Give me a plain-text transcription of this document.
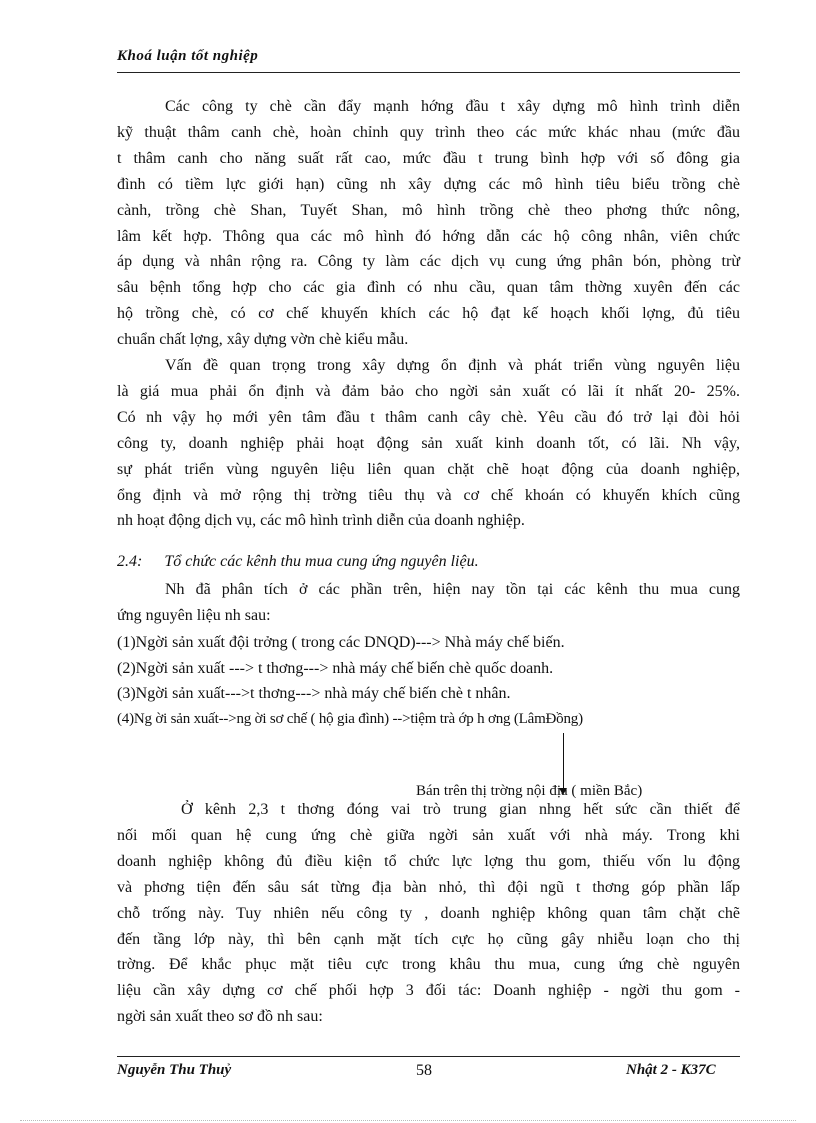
Khoá luận tốt nghiệp
Các công ty chè cần đẩy mạnh hớng đầu t xây dựng mô hình trình diễn
kỹ thuật thâm canh chè, hoàn chỉnh quy trình theo các mức khác nhau (mức đầu
t thâm canh cho năng suất rất cao, mức đầu t trung bình hợp với số đông gia
đình có tiềm lực giới hạn) cũng nh xây dựng các mô hình tiêu biểu trồng chè
cành, trồng chè Shan, Tuyết Shan, mô hình trồng chè theo phơng thức nông,
lâm kết hợp. Thông qua các mô hình đó hớng dẫn các hộ công nhân, viên chức
áp dụng và nhân rộng ra. Công ty làm các dịch vụ cung ứng phân bón, phòng trừ
sâu bệnh tổng hợp cho các gia đình có nhu cầu, quan tâm thờng xuyên đến các
hộ trồng chè, có cơ chế khuyến khích các hộ đạt kế hoạch khối lợng, đủ tiêu
chuẩn chất lợng, xây dựng vờn chè kiểu mẫu.
Vấn đề quan trọng trong xây dựng ổn định và phát triển vùng nguyên liệu
là giá mua phải ổn định và đảm bảo cho ngời sản xuất có lãi ít nhất 20- 25%.
Có nh vậy họ mới yên tâm đầu t thâm canh cây chè. Yêu cầu đó trở lại đòi hỏi
công ty, doanh nghiệp phải hoạt động sản xuất kinh doanh tốt, có lãi. Nh vậy,
sự phát triển vùng nguyên liệu liên quan chặt chẽ hoạt động của doanh nghiệp,
ổng định và mở rộng thị trờng tiêu thụ và cơ chế khoán có khuyến khích cũng
nh hoạt động dịch vụ, các mô hình trình diễn của doanh nghiệp.
2.4: Tổ chức các kênh thu mua cung ứng nguyên liệu.
Nh đã phân tích ở các phần trên, hiện nay tồn tại các kênh thu mua cung
ứng nguyên liệu nh sau:
(1)Ngời sản xuất đội trởng ( trong các DNQD)---> Nhà máy chế biến.
(2)Ngời sản xuất ---> t thơng---> nhà máy chế biến chè quốc doanh.
(3)Ngời sản xuất--->t thơng---> nhà máy chế biến chè t nhân.
(4)Ng ời sản xuất-->ng ời sơ chế ( hộ gia đình) -->tiệm trà ớp h ơng (LâmĐồng)
Bán trên thị trờng nội địa ( miền Bắc)
Ở kênh 2,3 t thơng đóng vai trò trung gian nhng hết sức cần thiết để
nối mối quan hệ cung ứng chè giữa ngời sản xuất với nhà máy. Trong khi
doanh nghiệp không đủ điều kiện tổ chức lực lợng thu gom, thiếu vốn lu động
và phơng tiện đến sâu sát từng địa bàn nhỏ, thì đội ngũ t thơng góp phần lấp
chỗ trống này. Tuy nhiên nếu công ty , doanh nghiệp không quan tâm chặt chẽ
đến tầng lớp này, thì bên cạnh mặt tích cực họ cũng gây nhiễu loạn cho thị
trờng. Để khắc phục mặt tiêu cực trong khâu thu mua, cung ứng chè nguyên
liệu cần xây dựng cơ chế phối hợp 3 đối tác: Doanh nghiệp - ngời thu gom -
ngời sản xuất theo sơ đồ nh sau:
Nguyễn Thu Thuỷ	58	Nhật 2 - K37C
